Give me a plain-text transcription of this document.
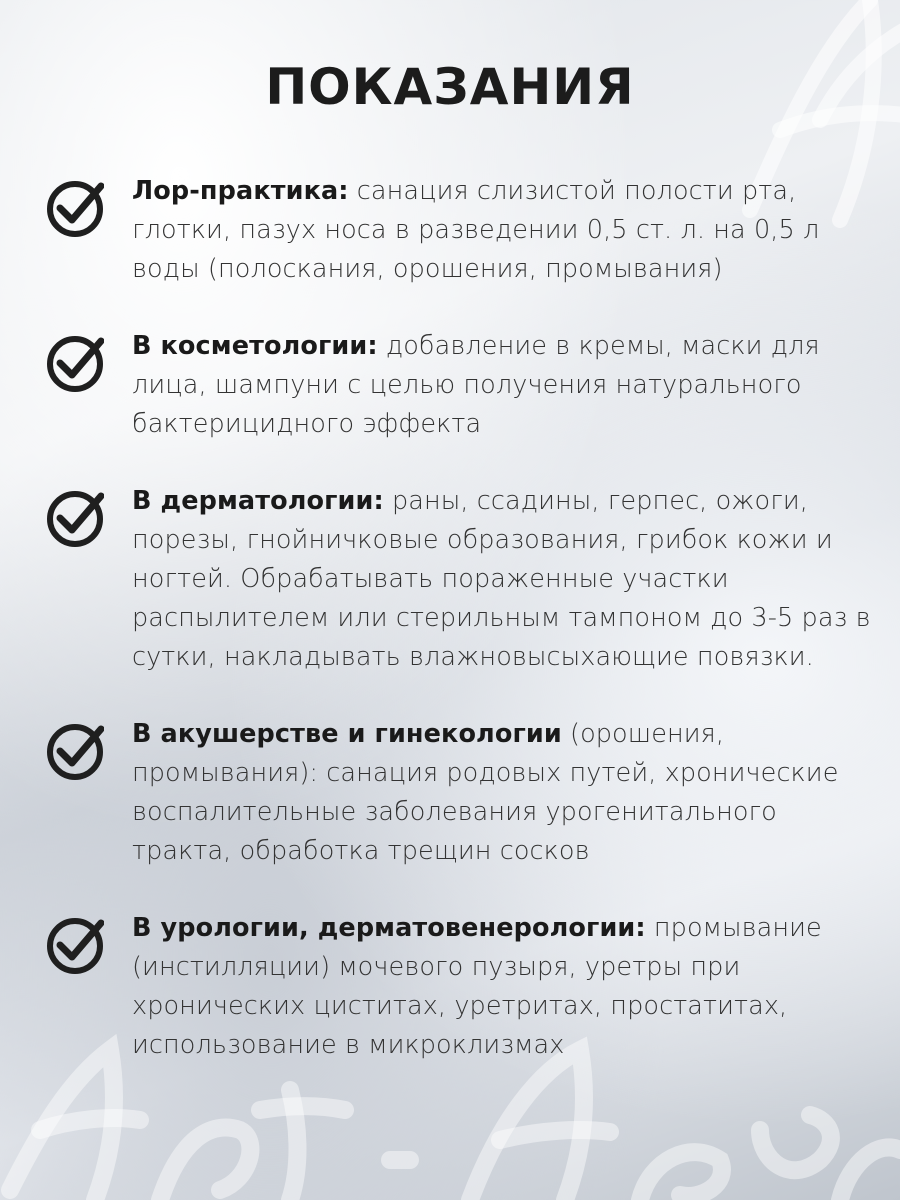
ПОКАЗАНИЯ
Лор-практика: санация слизистой полости рта, глотки, пазух носа в разведении 0,5 ст. л. на 0,5 л воды (полоскания, орошения, промывания)
В косметологии: добавление в кремы, маски для лица, шампуни с целью получения натурального бактерицидного эффекта
В дерматологии: раны, ссадины, герпес, ожоги, порезы, гнойничковые образования, грибок кожи и ногтей. Обрабатывать пораженные участки распылителем или стерильным тампоном до 3-5 раз в сутки, накладывать влажновысыхающие повязки.
В акушерстве и гинекологии (орошения, промывания): санация родовых путей, хронические воспалительные заболевания урогенитального тракта, обработка трещин сосков
В урологии, дерматовенерологии: промывание (инстилляции) мочевого пузыря, уретры при хронических циститах, уретритах, простатитах, использование в микроклизмах
